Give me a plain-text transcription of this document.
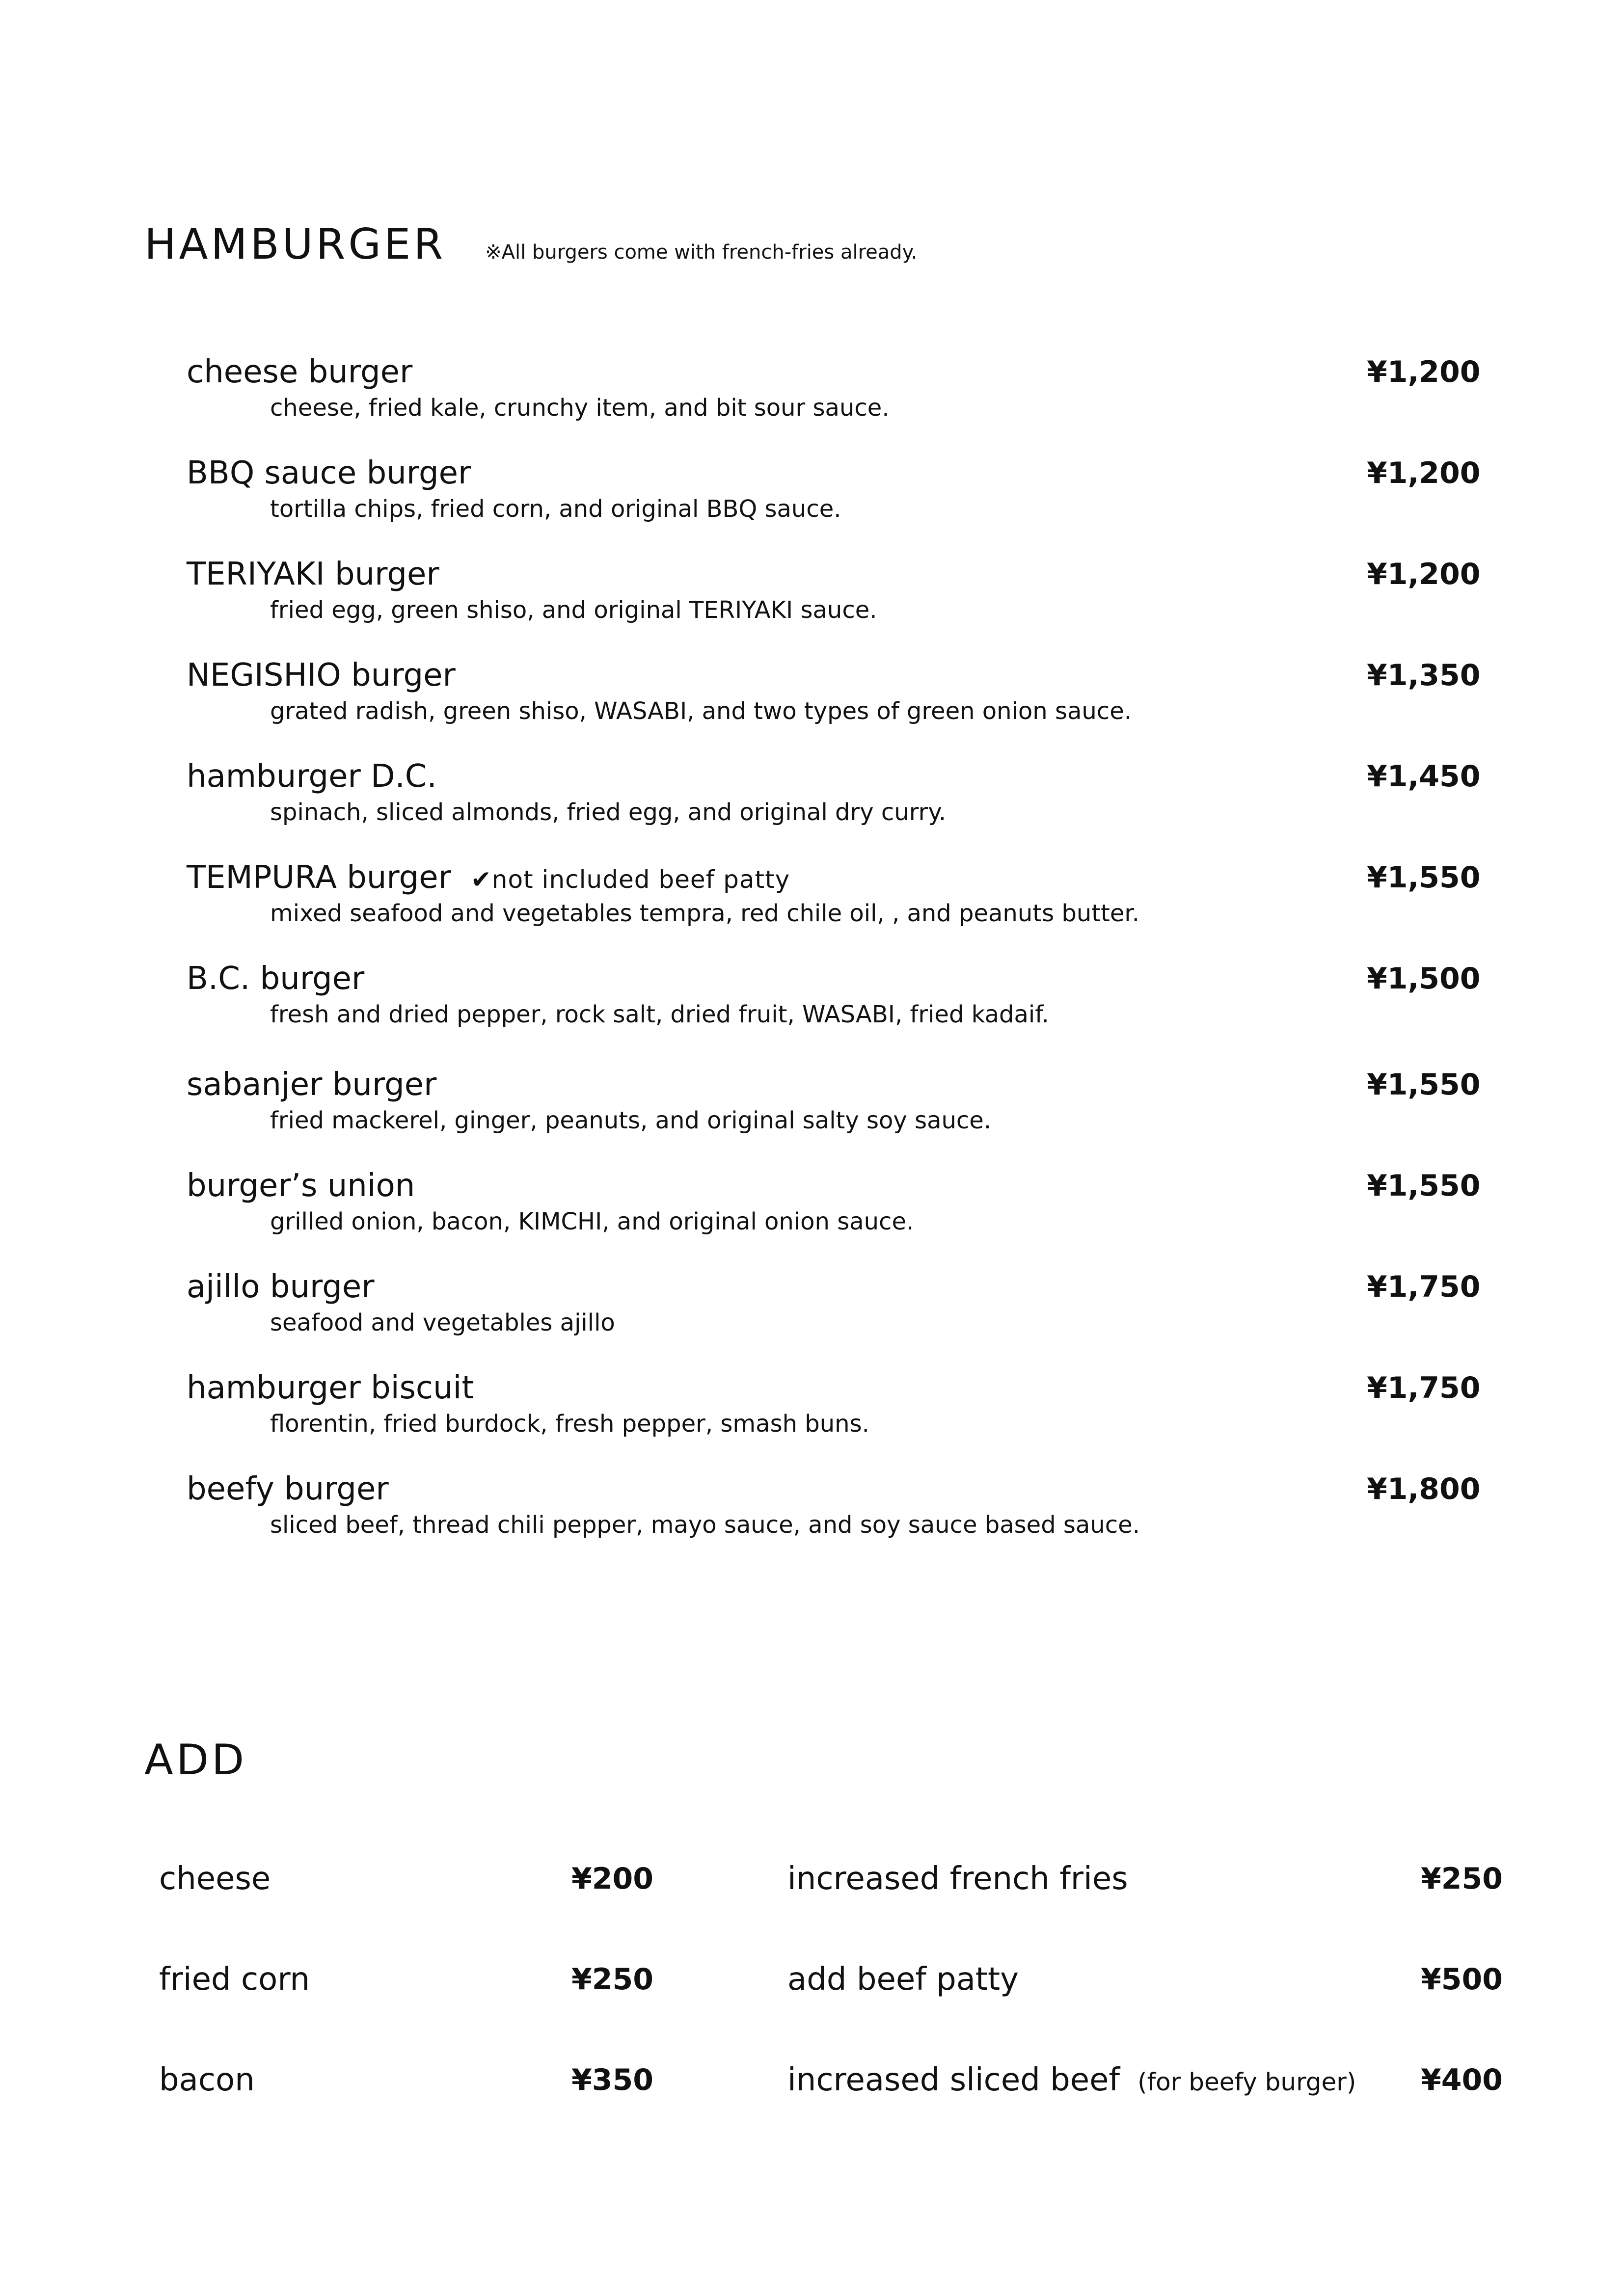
HAMBURGER ※All burgers come with french-fries already.
cheese burger
cheese, fried kale, crunchy item, and bit sour sauce.
¥1,200
BBQ sauce burger
tortilla chips, fried corn, and original BBQ sauce.
¥1,200
TERIYAKI burger
fried egg, green shiso, and original TERIYAKI sauce.
¥1,200
NEGISHIO burger
grated radish, green shiso, WASABI, and two types of green onion sauce.
¥1,350
hamburger D.C.
spinach, sliced almonds, fried egg, and original dry curry.
¥1,450
TEMPURA burger ✔not included beef patty
mixed seafood and vegetables tempra, red chile oil, , and peanuts butter.
¥1,550
B.C. burger
fresh and dried pepper, rock salt, dried fruit, WASABI, fried kadaif.
¥1,500
sabanjer burger
fried mackerel, ginger, peanuts, and original salty soy sauce.
¥1,550
burger’s union
grilled onion, bacon, KIMCHI, and original onion sauce.
¥1,550
ajillo burger
seafood and vegetables ajillo
¥1,750
hamburger biscuit
florentin, fried burdock, fresh pepper, smash buns.
¥1,750
beefy burger
sliced beef, thread chili pepper, mayo sauce, and soy sauce based sauce.
¥1,800
ADD
cheese	¥200	increased french fries	¥250
fried corn	¥250	add beef patty	¥500
bacon	¥350	increased sliced beef (for beefy burger) ¥400
